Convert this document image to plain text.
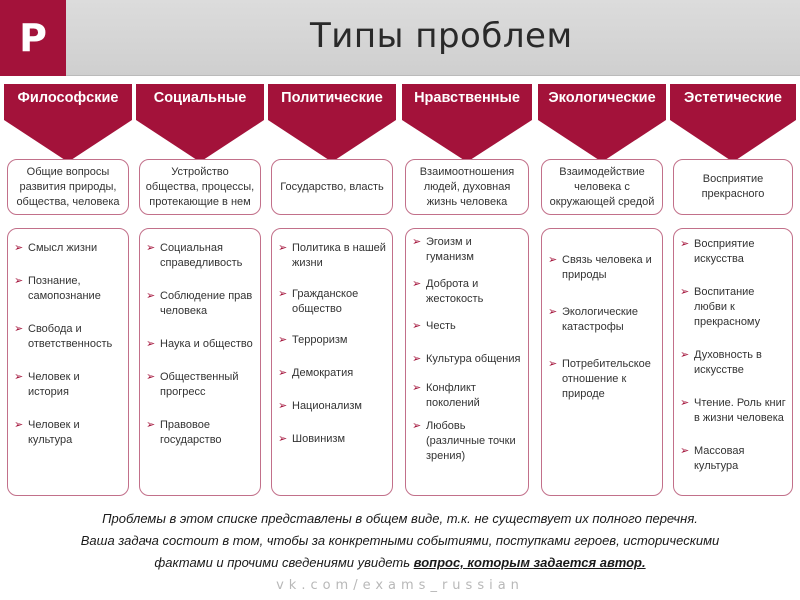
Р	Типы проблем
Философские
Общие вопросы развития природы, общества, человека
➢ Смысл жизни
➢ Познание, самопознание
➢ Свобода и ответственность
➢ Человек и история
➢ Человек и культура
Социальные
Устройство общества, процессы, протекающие в нем
➢ Социальная справедливость
➢ Соблюдение прав человека
➢ Наука и общество
➢ Общественный прогресс
➢ Правовое государство
Политические
Государство, власть
➢ Политика в нашей жизни
➢ Гражданское общество
➢ Терроризм
➢ Демократия
➢ Национализм
➢ Шовинизм
Нравственные
Взаимоотношения людей, духовная жизнь человека
➢ Эгоизм и гуманизм
➢ Доброта и жестокость
➢ Честь
➢ Культура общения
➢ Конфликт поколений
➢ Любовь (различные точки зрения)
Экологические
Взаимодействие человека с окружающей средой
➢ Связь человека и природы
➢ Экологические катастрофы
➢ Потребительское отношение к природе
Эстетические
Восприятие прекрасного
➢ Восприятие искусства
➢ Воспитание любви к прекрасному
➢ Духовность в искусстве
➢ Чтение. Роль книг в жизни человека
➢ Массовая культура
Проблемы в этом списке представлены в общем виде, т.к. не существует их полного перечня.
Ваша задача состоит в том, чтобы за конкретными событиями, поступками героев, историческими
фактами и прочими сведениями увидеть вопрос, которым задается автор.
vk.com/exams_russian
